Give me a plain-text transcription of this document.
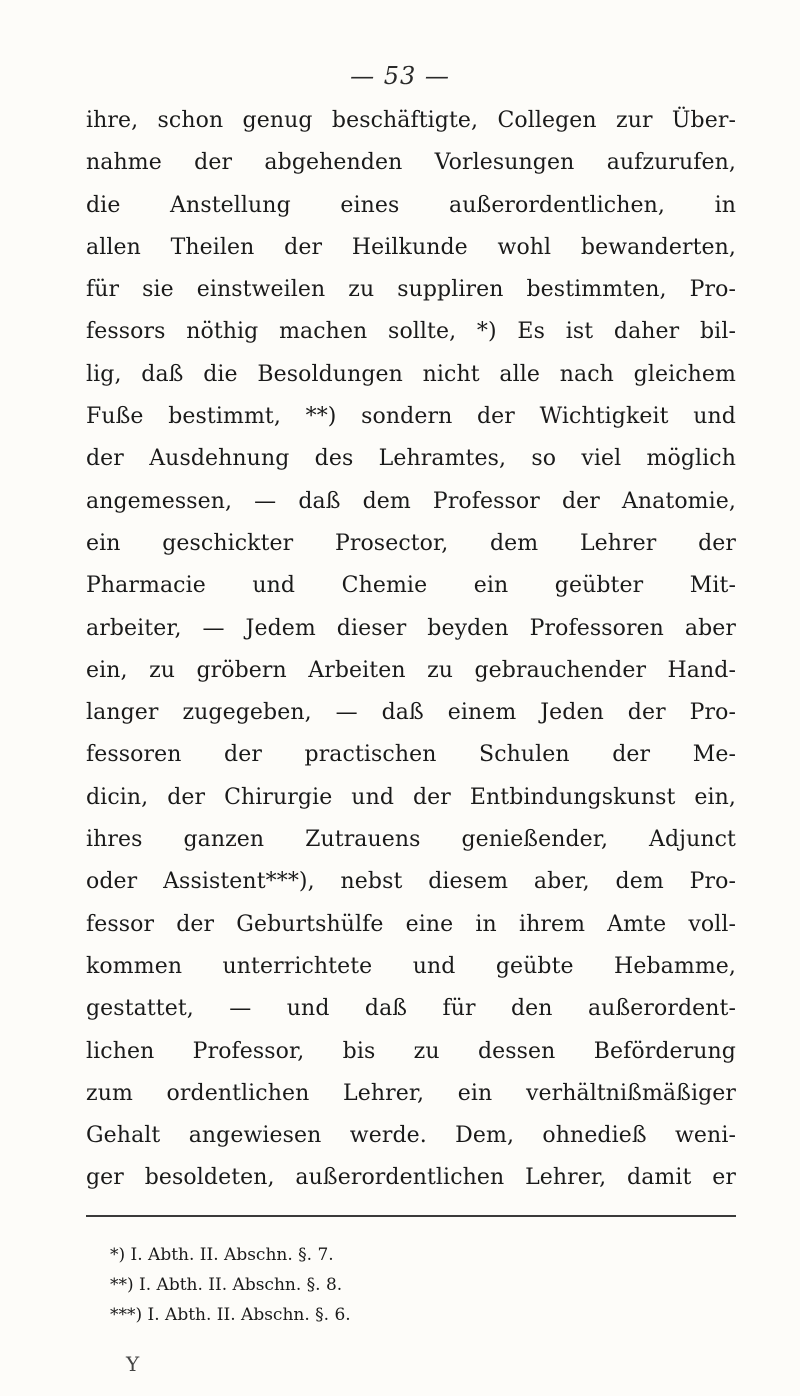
— 53 —
ihre, schon genug beschäftigte, Collegen zur Über-
nahme der abgehenden Vorlesungen aufzurufen,
die Anstellung eines außerordentlichen, in
allen Theilen der Heilkunde wohl bewanderten,
für sie einstweilen zu suppliren bestimmten, Pro-
fessors nöthig machen sollte, *) Es ist daher bil-
lig, daß die Besoldungen nicht alle nach gleichem
Fuße bestimmt, **) sondern der Wichtigkeit und
der Ausdehnung des Lehramtes, so viel möglich
angemessen, — daß dem Professor der Anatomie,
ein geschickter Prosector, dem Lehrer der
Pharmacie und Chemie ein geübter Mit-
arbeiter, — Jedem dieser beyden Professoren aber
ein, zu gröbern Arbeiten zu gebrauchender Hand-
langer zugegeben, — daß einem Jeden der Pro-
fessoren der practischen Schulen der Me-
dicin, der Chirurgie und der Entbindungskunst ein,
ihres ganzen Zutrauens genießender, Adjunct
oder Assistent***), nebst diesem aber, dem Pro-
fessor der Geburtshülfe eine in ihrem Amte voll-
kommen unterrichtete und geübte Hebamme,
gestattet, — und daß für den außerordent-
lichen Professor, bis zu dessen Beförderung
zum ordentlichen Lehrer, ein verhältnißmäßiger
Gehalt angewiesen werde. Dem, ohnedieß weni-
ger besoldeten, außerordentlichen Lehrer, damit er
*) I. Abth. II. Abschn. §. 7.
**) I. Abth. II. Abschn. §. 8.
***) I. Abth. II. Abschn. §. 6.
Y
